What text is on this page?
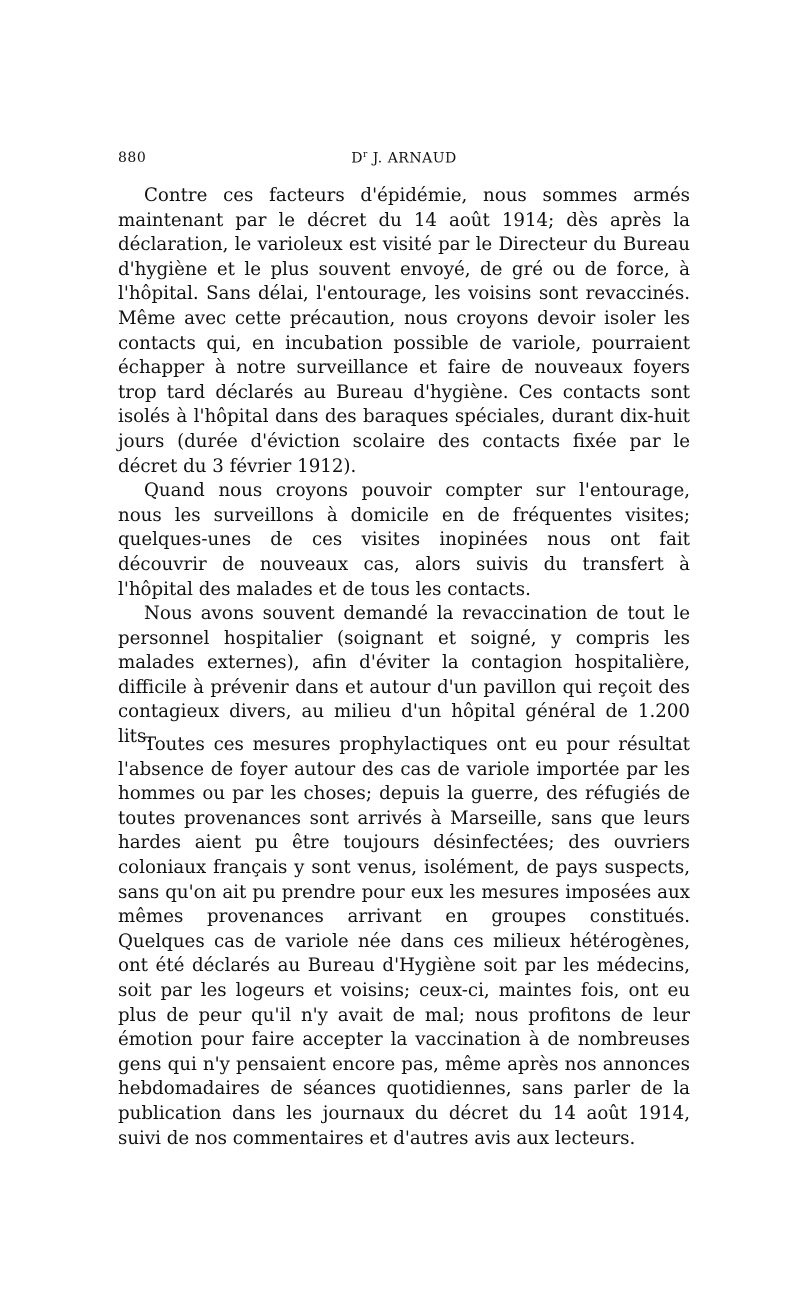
880	$D^r$ J. ARNAUD

Contre ces facteurs d'épidémie, nous sommes armés maintenant par le décret du 14 août 1914; dès après la déclaration, le varioleux est visité par le Directeur du Bureau d'hygiène et le plus souvent envoyé, de gré ou de force, à l'hôpital. Sans délai, l'entourage, les voisins sont revaccinés. Même avec cette précaution, nous croyons devoir isoler les contacts qui, en incubation possible de variole, pourraient échapper à notre surveillance et faire de nouveaux foyers trop tard déclarés au Bureau d'hygiène. Ces contacts sont isolés à l'hôpital dans des baraques spéciales, durant dix-huit jours (durée d'éviction scolaire des contacts fixée par le décret du 3 février 1912).

Quand nous croyons pouvoir compter sur l'entourage, nous les surveillons à domicile en de fréquentes visites; quelques-unes de ces visites inopinées nous ont fait découvrir de nouveaux cas, alors suivis du transfert à l'hôpital des malades et de tous les contacts.

Nous avons souvent demandé la revaccination de tout le personnel hospitalier (soignant et soigné, y compris les malades externes), afin d'éviter la contagion hospitalière, difficile à prévenir dans et autour d'un pavillon qui reçoit des contagieux divers, au milieu d'un hôpital général de 1.200 lits.

Toutes ces mesures prophylactiques ont eu pour résultat l'absence de foyer autour des cas de variole importée par les hommes ou par les choses; depuis la guerre, des réfugiés de toutes provenances sont arrivés à Marseille, sans que leurs hardes aient pu être toujours désinfectées; des ouvriers coloniaux français y sont venus, isolément, de pays suspects, sans qu'on ait pu prendre pour eux les mesures imposées aux mêmes provenances arrivant en groupes constitués. Quelques cas de variole née dans ces milieux hétérogènes, ont été déclarés au Bureau d'Hygiène soit par les médecins, soit par les logeurs et voisins; ceux-ci, maintes fois, ont eu plus de peur qu'il n'y avait de mal; nous profitons de leur émotion pour faire accepter la vaccination à de nombreuses gens qui n'y pensaient encore pas, même après nos annonces hebdomadaires de séances quotidiennes, sans parler de la publication dans les journaux du décret du 14 août 1914, suivi de nos commentaires et d'autres avis aux lecteurs.
